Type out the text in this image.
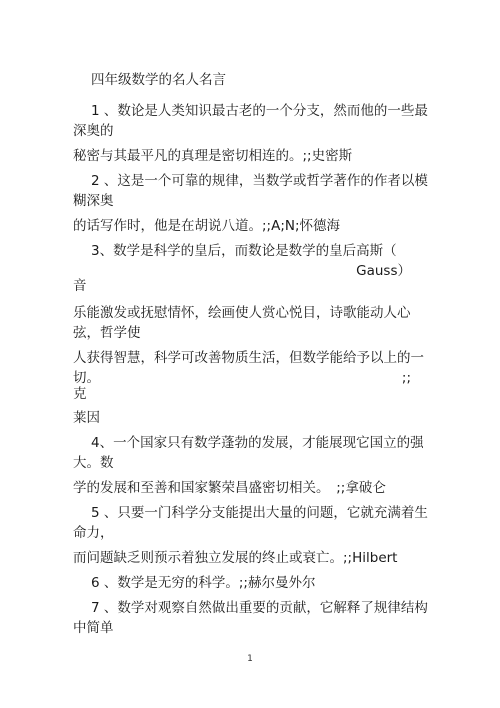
四年级数学的名人名言
1 、数论是人类知识最古老的一个分支，然而他的一些最
深奥的
秘密与其最平凡的真理是密切相连的。;;史密斯
2 、这是一个可靠的规律，当数学或哲学著作的作者以模
糊深奥
的话写作时，他是在胡说八道。;;A;N;怀德海
3、数学是科学的皇后，而数论是数学的皇后高斯（
Gauss）
音
乐能激发或抚慰情怀，绘画使人赏心悦目，诗歌能动人心
弦，哲学使
人获得智慧，科学可改善物质生活，但数学能给予以上的一
切。	;;
克
莱因
4、一个国家只有数学蓬勃的发展，才能展现它国立的强
大。数
学的发展和至善和国家繁荣昌盛密切相关。　;;拿破仑
5 、只要一门科学分支能提出大量的问题，它就充满着生
命力，
而问题缺乏则预示着独立发展的终止或衰亡。;;Hilbert
6 、数学是无穷的科学。;;赫尔曼外尔
7 、数学对观察自然做出重要的贡献，它解释了规律结构
中简单
1
